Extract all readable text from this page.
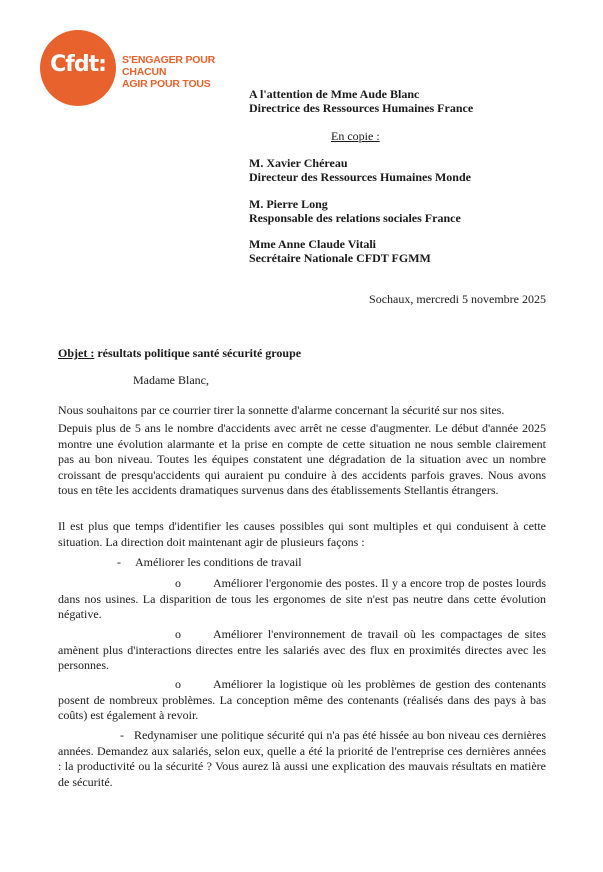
Cfdt:	S'ENGAGER POUR CHACUN
AGIR POUR TOUS
A l'attention de Mme Aude Blanc
Directrice des Ressources Humaines France
En copie :
M. Xavier Chéreau
Directeur des Ressources Humaines Monde
M. Pierre Long
Responsable des relations sociales France
Mme Anne Claude Vitali
Secrétaire Nationale CFDT FGMM
Sochaux, mercredi 5 novembre 2025
Objet : résultats politique santé sécurité groupe
Madame Blanc,
Nous souhaitons par ce courrier tirer la sonnette d'alarme concernant la sécurité sur nos sites.
Depuis plus de 5 ans le nombre d'accidents avec arrêt ne cesse d'augmenter. Le début d'année 2025 montre une évolution alarmante et la prise en compte de cette situation ne nous semble clairement pas au bon niveau. Toutes les équipes constatent une dégradation de la situation avec un nombre croissant de presqu'accidents qui auraient pu conduire à des accidents parfois graves. Nous avons tous en tête les accidents dramatiques survenus dans des établissements Stellantis étrangers.
Il est plus que temps d'identifier les causes possibles qui sont multiples et qui conduisent à cette situation. La direction doit maintenant agir de plusieurs façons :
- Améliorer les conditions de travail
o	Améliorer l'ergonomie des postes. Il y a encore trop de postes lourds dans nos usines. La disparition de tous les ergonomes de site n'est pas neutre dans cette évolution négative.
o	Améliorer l'environnement de travail où les compactages de sites amènent plus d'interactions directes entre les salariés avec des flux en proximités directes avec les personnes.
o	Améliorer la logistique où les problèmes de gestion des contenants posent de nombreux problèmes. La conception même des contenants (réalisés dans des pays à bas coûts) est également à revoir.
- Redynamiser une politique sécurité qui n'a pas été hissée au bon niveau ces dernières années. Demandez aux salariés, selon eux, quelle a été la priorité de l'entreprise ces dernières années : la productivité ou la sécurité ? Vous aurez là aussi une explication des mauvais résultats en matière de sécurité.
